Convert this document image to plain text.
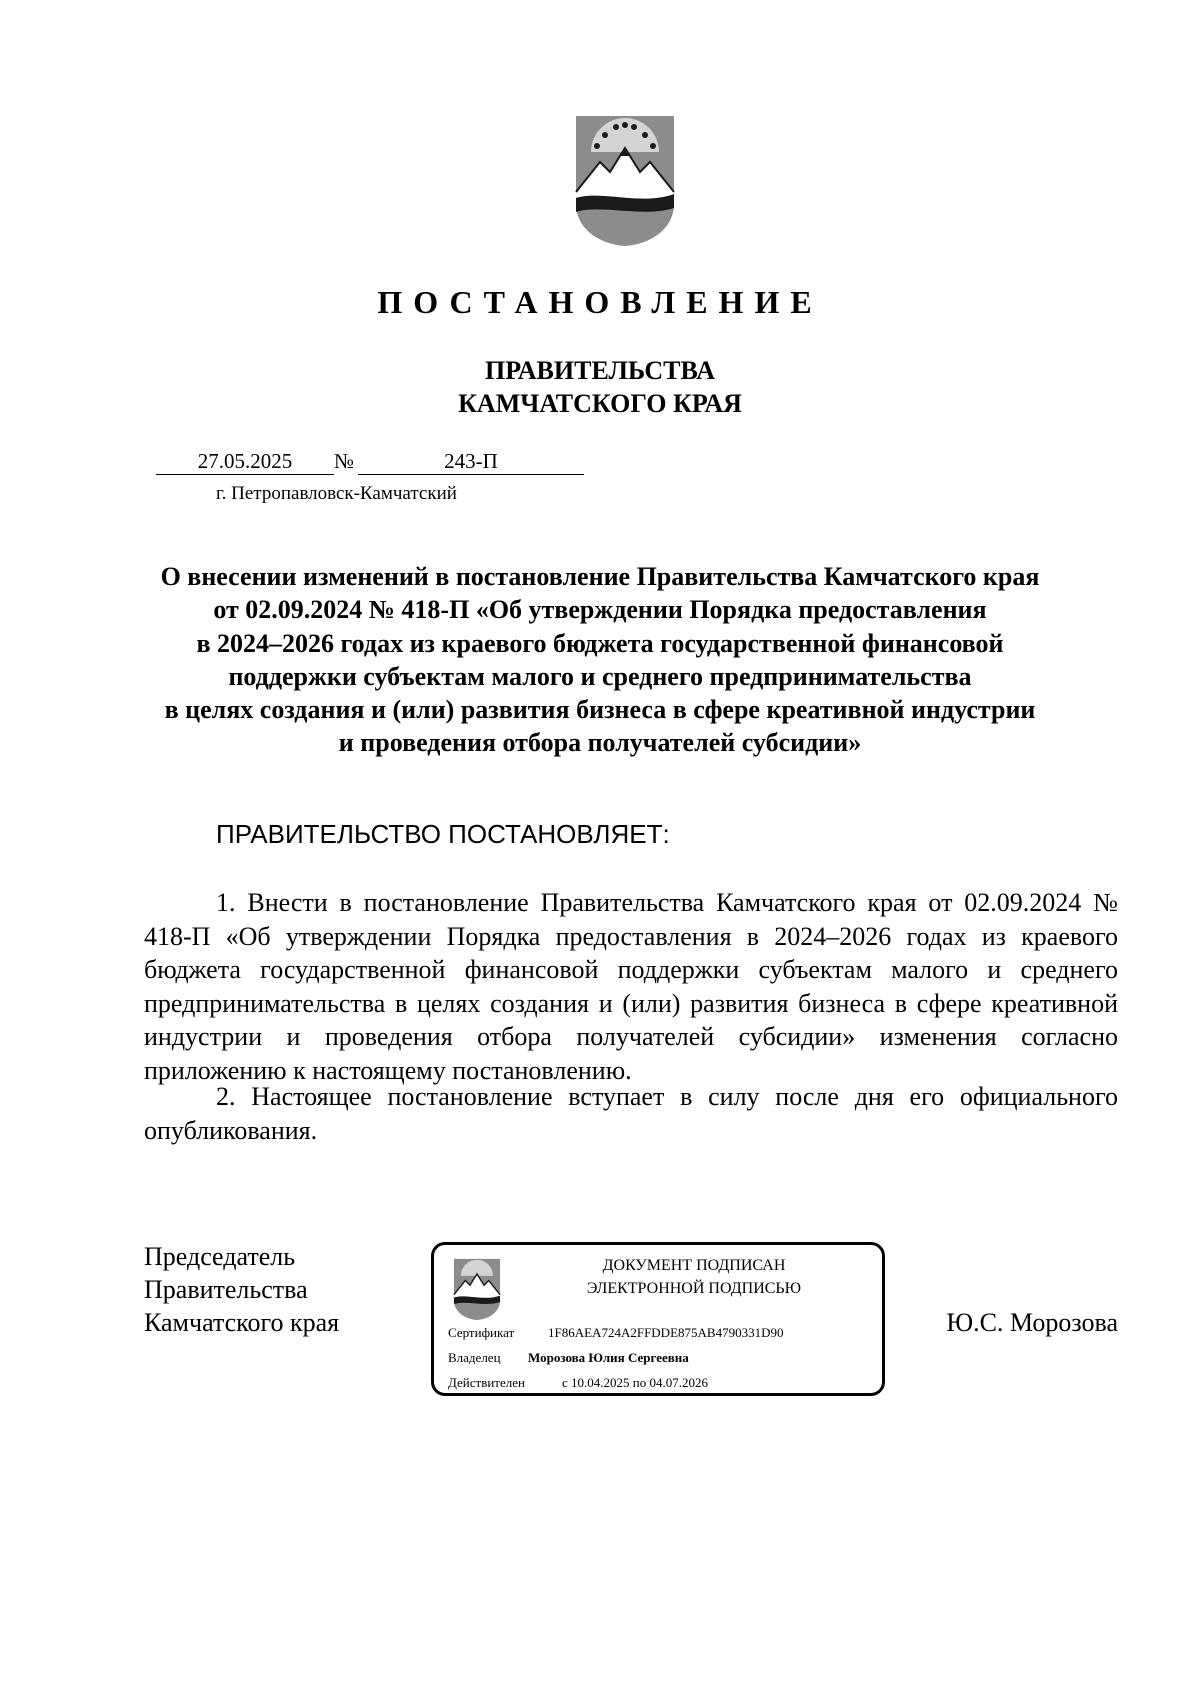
ПОСТАНОВЛЕНИЕ
ПРАВИТЕЛЬСТВА
КАМЧАТСКОГО КРАЯ
27.05.2025	№	243-П
г. Петропавловск-Камчатский
О внесении изменений в постановление Правительства Камчатского края
от 02.09.2024 № 418-П «Об утверждении Порядка предоставления
в 2024–2026 годах из краевого бюджета государственной финансовой
поддержки субъектам малого и среднего предпринимательства
в целях создания и (или) развития бизнеса в сфере креативной индустрии
и проведения отбора получателей субсидии»
ПРАВИТЕЛЬСТВО ПОСТАНОВЛЯЕТ:

1. Внести в постановление Правительства Камчатского края от 02.09.2024 № 418-П «Об утверждении Порядка предоставления в 2024–2026 годах из краевого бюджета государственной финансовой поддержки субъектам малого и среднего предпринимательства в целях создания и (или) развития бизнеса в сфере креативной индустрии и проведения отбора получателей субсидии» изменения согласно приложению к настоящему постановлению.

2. Настоящее постановление вступает в силу после дня его официального опубликования.

Председатель
Правительства
Камчатского края
ДОКУМЕНТ ПОДПИСАН
ЭЛЕКТРОННОЙ ПОДПИСЬЮ
Сертификат	1F86AEA724A2FFDDE875AB4790331D90
Владелец Морозова Юлия Сергеевна
Действителен	с 10.04.2025 по 04.07.2026
Ю.С. Морозова
